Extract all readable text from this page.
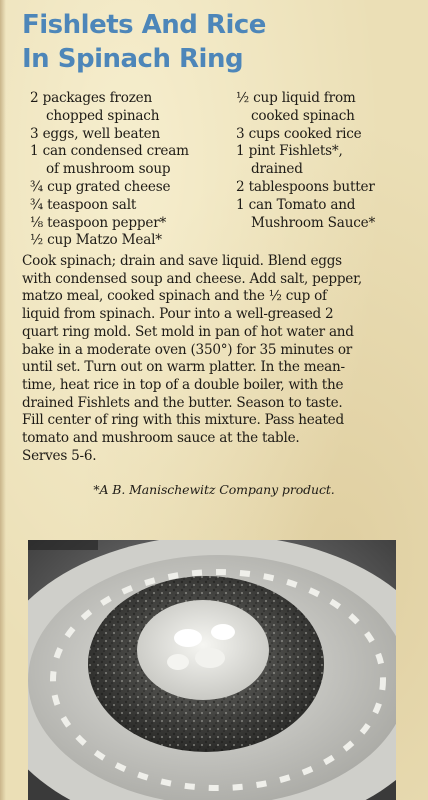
Fishlets And Rice
In Spinach Ring
2 packages frozen
chopped spinach
3 eggs, well beaten
1 can condensed cream
of mushroom soup
¾ cup grated cheese
¾ teaspoon salt
⅛ teaspoon pepper*
½ cup Matzo Meal*
½ cup liquid from
cooked spinach
3 cups cooked rice
1 pint Fishlets*,
drained
2 tablespoons butter
1 can Tomato and
Mushroom Sauce*
Cook spinach; drain and save liquid. Blend eggs
with condensed soup and cheese. Add salt, pepper,
matzo meal, cooked spinach and the ½ cup of
liquid from spinach. Pour into a well-greased 2
quart ring mold. Set mold in pan of hot water and
bake in a moderate oven (350°) for 35 minutes or
until set. Turn out on warm platter. In the mean-
time, heat rice in top of a double boiler, with the
drained Fishlets and the butter. Season to taste.
Fill center of ring with this mixture. Pass heated
tomato and mushroom sauce at the table.
Serves 5-6.
*A B. Manischewitz Company product.
